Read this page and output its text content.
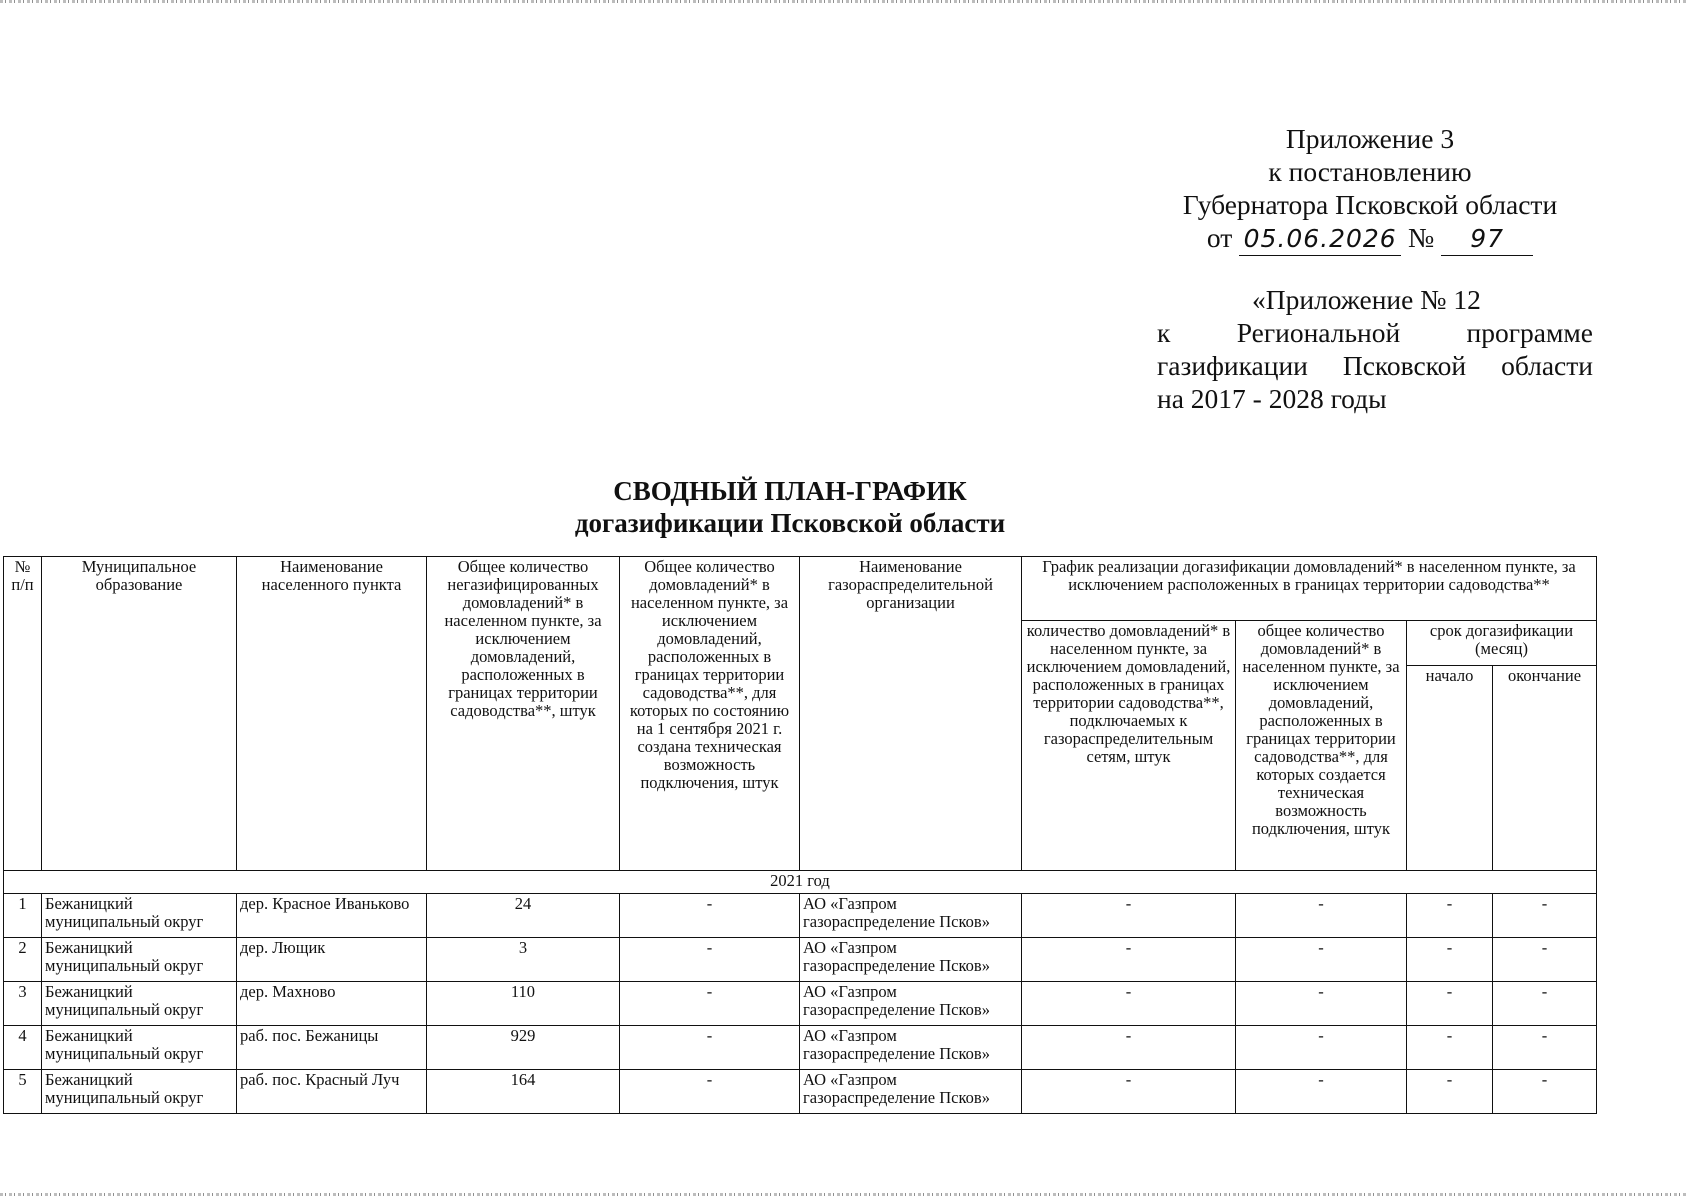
Приложение 3
к постановлению
Губернатора Псковской области
от 05.06.2026 № 97
«Приложение № 12
к Региональной программе
газификации Псковской области
на 2017 - 2028 годы
СВОДНЫЙ ПЛАН-ГРАФИК
догазификации Псковской области
№ п/п	Муниципальное образование	Наименование населенного пункта	Общее количество негазифицированных домовладений* в населенном пункте, за исключением домовладений, расположенных в границах территории садоводства**, штук	Общее количество домовладений* в населенном пункте, за исключением домовладений, расположенных в границах территории садоводства**, для которых по состоянию на 1 сентября 2021 г. создана техническая возможность подключения, штук	Наименование газораспределительной организации	График реализации догазификации домовладений* в населенном пункте, за исключением расположенных в границах территории садоводства**			
						количество домовладений* в населенном пункте, за исключением домовладений, расположенных в границах территории садоводства**, подключаемых к газораспределительным сетям, штук	общее количество домовладений* в населенном пункте, за исключением домовладений, расположенных в границах территории садоводства**, для которых создается техническая возможность подключения, штук	срок догазификации (месяц)	
								начало	окончание
2021 год									
1	Бежаницкий муниципальный округ	дер. Красное Иваньково	24	-	АО «Газпром газораспределение Псков»	-	-	-	-
2	Бежаницкий муниципальный округ	дер. Лющик	3	-	АО «Газпром газораспределение Псков»	-	-	-	-
3	Бежаницкий муниципальный округ	дер. Махново	110	-	АО «Газпром газораспределение Псков»	-	-	-	-
4	Бежаницкий муниципальный округ	раб. пос. Бежаницы	929	-	АО «Газпром газораспределение Псков»	-	-	-	-
5	Бежаницкий муниципальный округ	раб. пос. Красный Луч	164	-	АО «Газпром газораспределение Псков»	-	-	-	-
